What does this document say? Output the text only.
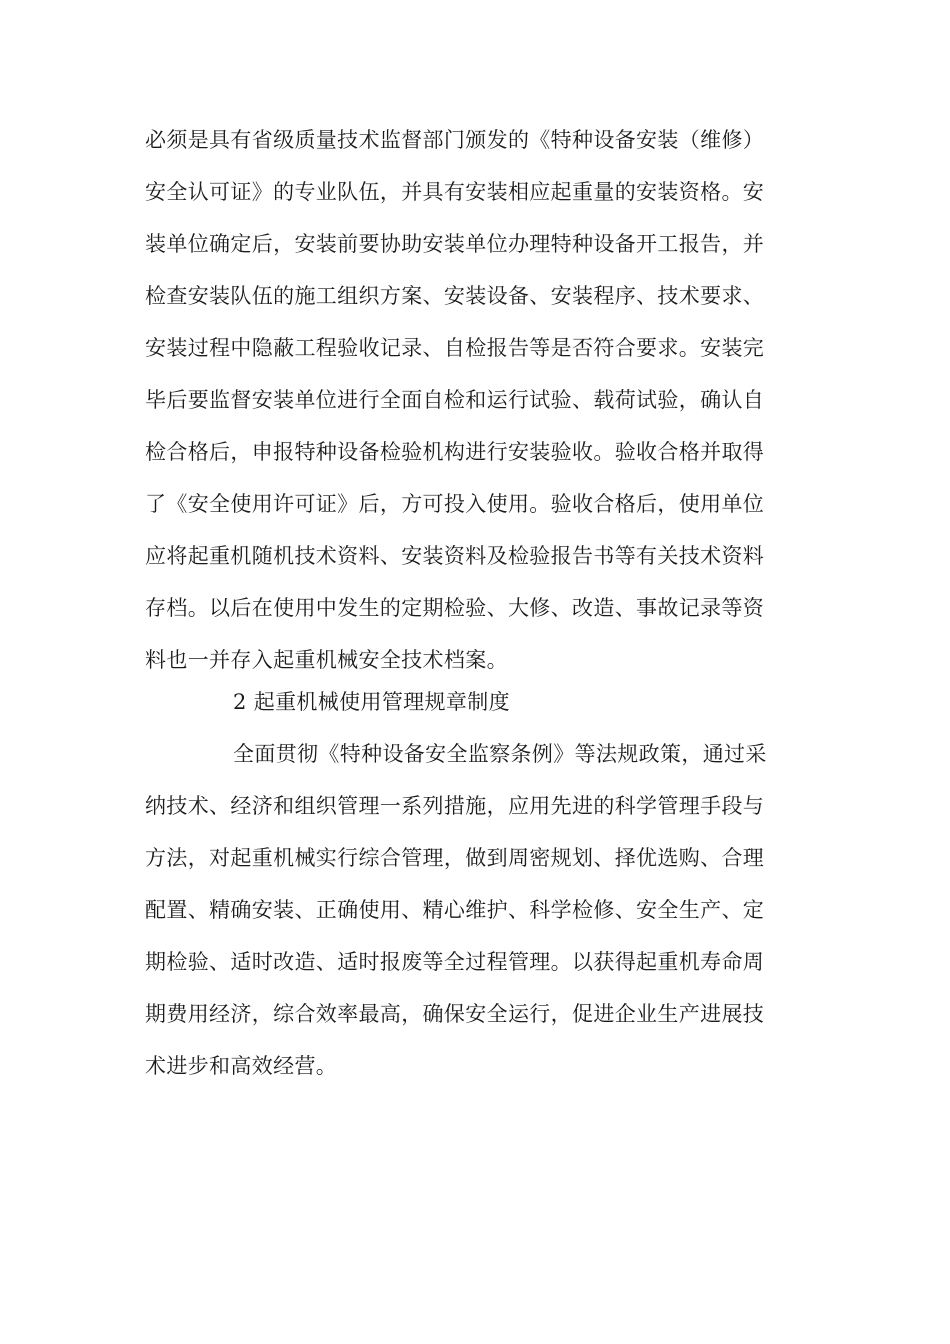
必须是具有省级质量技术监督部门颁发的《特种设备安装（维修）
安全认可证》的专业队伍，并具有安装相应起重量的安装资格。安
装单位确定后，安装前要协助安装单位办理特种设备开工报告，并
检查安装队伍的施工组织方案、安装设备、安装程序、技术要求、
安装过程中隐蔽工程验收记录、自检报告等是否符合要求。安装完
毕后要监督安装单位进行全面自检和运行试验、载荷试验，确认自
检合格后，申报特种设备检验机构进行安装验收。验收合格并取得
了《安全使用许可证》后，方可投入使用。验收合格后，使用单位
应将起重机随机技术资料、安装资料及检验报告书等有关技术资料
存档。以后在使用中发生的定期检验、大修、改造、事故记录等资
料也一并存入起重机械安全技术档案。
2 起重机械使用管理规章制度
全面贯彻《特种设备安全监察条例》等法规政策，通过采
纳技术、经济和组织管理一系列措施，应用先进的科学管理手段与
方法，对起重机械实行综合管理，做到周密规划、择优选购、合理
配置、精确安装、正确使用、精心维护、科学检修、安全生产、定
期检验、适时改造、适时报废等全过程管理。以获得起重机寿命周
期费用经济，综合效率最高，确保安全运行，促进企业生产进展技
术进步和高效经营。
